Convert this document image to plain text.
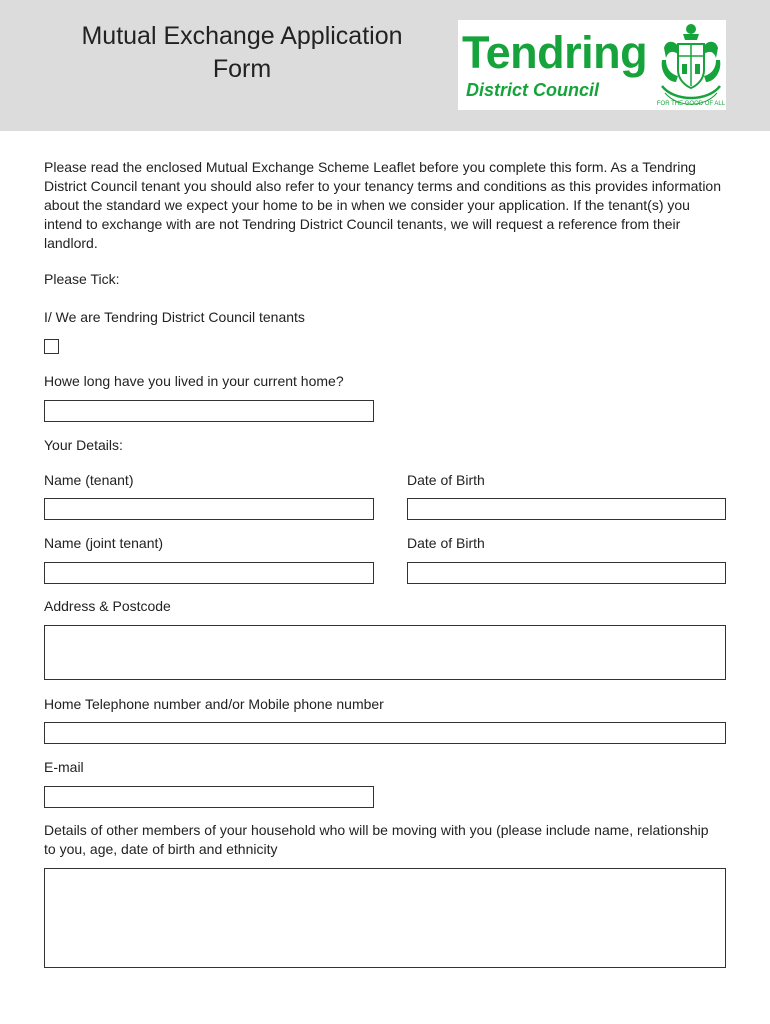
Mutual Exchange Application
Form	Tendring
District Council
FOR THE GOOD OF ALL
Please read the enclosed Mutual Exchange Scheme Leaflet before you complete this form. As a Tendring District Council tenant you should also refer to your tenancy terms and conditions as this provides information about the standard we expect your home to be in when we consider your application. If the tenant(s) you intend to exchange with are not Tendring District Council tenants, we will request a reference from their landlord.
Please Tick:
I/ We are Tendring District Council tenants
Howe long have you lived in your current home?
Your Details:
Name (tenant)	Date of Birth
Name (joint tenant)	Date of Birth
Address & Postcode
Home Telephone number and/or Mobile phone number
E-mail
Details of other members of your household who will be moving with you (please include name, relationship to you, age, date of birth and ethnicity
